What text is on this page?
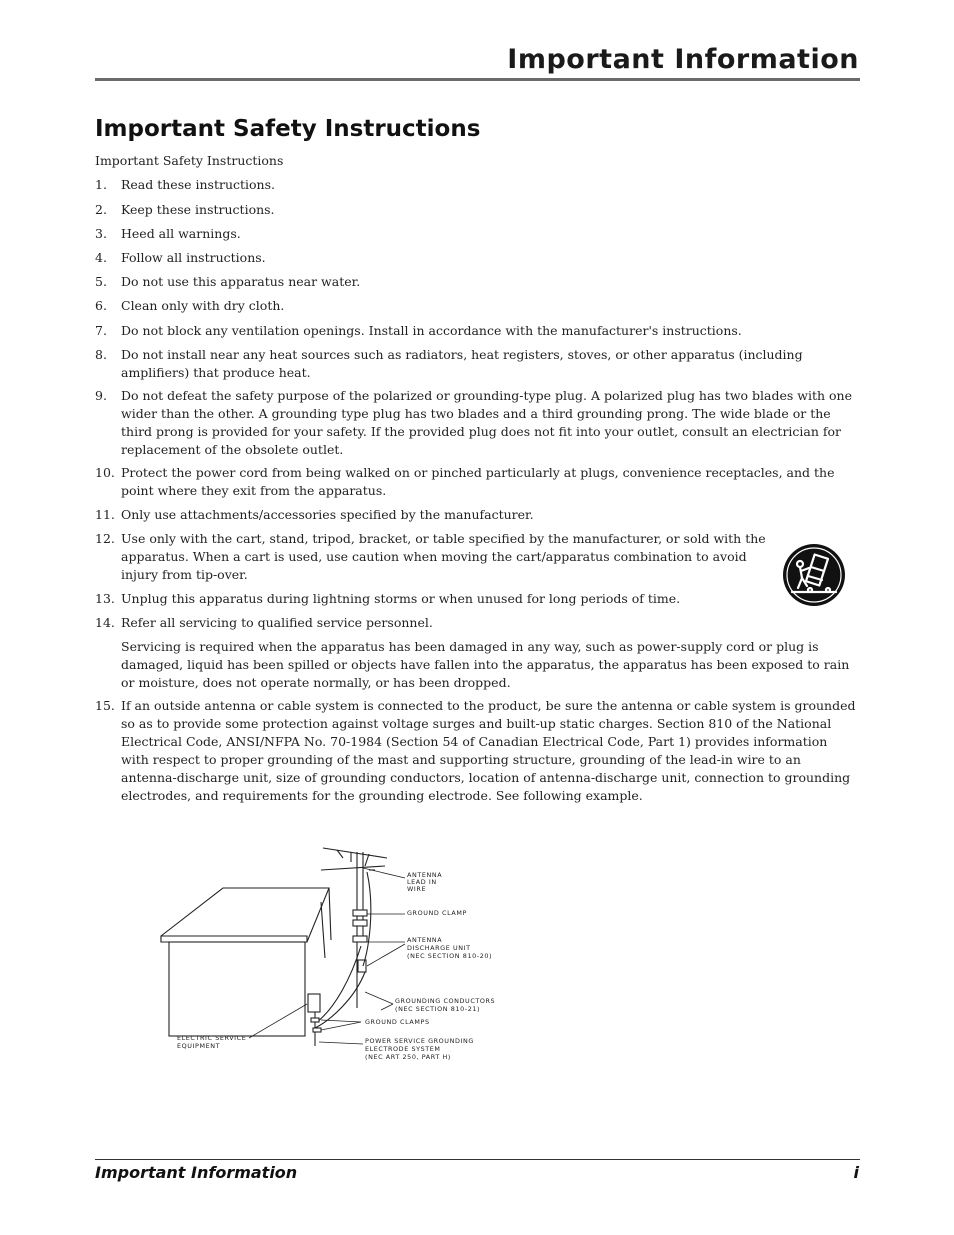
Important Information
Important Safety Instructions
Important Safety Instructions
1. Read these instructions.
2. Keep these instructions.
3. Heed all warnings.
4. Follow all instructions.
5. Do not use this apparatus near water.
6. Clean only with dry cloth.
7. Do not block any ventilation openings. Install in accordance with the manufacturer's instructions.
8. Do not install near any heat sources such as radiators, heat registers, stoves, or other apparatus (including amplifiers) that produce heat.
9. Do not defeat the safety purpose of the polarized or grounding-type plug. A polarized plug has two blades with one wider than the other. A grounding type plug has two blades and a third grounding prong. The wide blade or the third prong is provided for your safety. If the provided plug does not fit into your outlet, consult an electrician for replacement of the obsolete outlet.
10. Protect the power cord from being walked on or pinched particularly at plugs, convenience receptacles, and the point where they exit from the apparatus.
11. Only use attachments/accessories specified by the manufacturer.
12. Use only with the cart, stand, tripod, bracket, or table specified by the manufacturer, or sold with the apparatus. When a cart is used, use caution when moving the cart/apparatus combination to avoid injury from tip-over.
13. Unplug this apparatus during lightning storms or when unused for long periods of time.
14. Refer all servicing to qualified service personnel.
Servicing is required when the apparatus has been damaged in any way, such as power-supply cord or plug is damaged, liquid has been spilled or objects have fallen into the apparatus, the apparatus has been exposed to rain or moisture, does not operate normally, or has been dropped.
15. If an outside antenna or cable system is connected to the product, be sure the antenna or cable system is grounded so as to provide some protection against voltage surges and built-up static charges. Section 810 of the National Electrical Code, ANSI/NFPA No. 70-1984 (Section 54 of Canadian Electrical Code, Part 1) provides information with respect to proper grounding of the mast and supporting structure, grounding of the lead-in wire to an antenna-discharge unit, size of grounding conductors, location of antenna-discharge unit, connection to grounding electrodes, and requirements for the grounding electrode. See following example.
ANTENNA
LEAD IN
WIRE
GROUND CLAMP
ANTENNA
DISCHARGE UNIT
(NEC SECTION 810-20)
GROUNDING CONDUCTORS
(NEC SECTION 810-21)
GROUND CLAMPS
ELECTRIC SERVICE
EQUIPMENT
POWER SERVICE GROUNDING
ELECTRODE SYSTEM
(NEC ART 250, PART H)
Important Information	i
